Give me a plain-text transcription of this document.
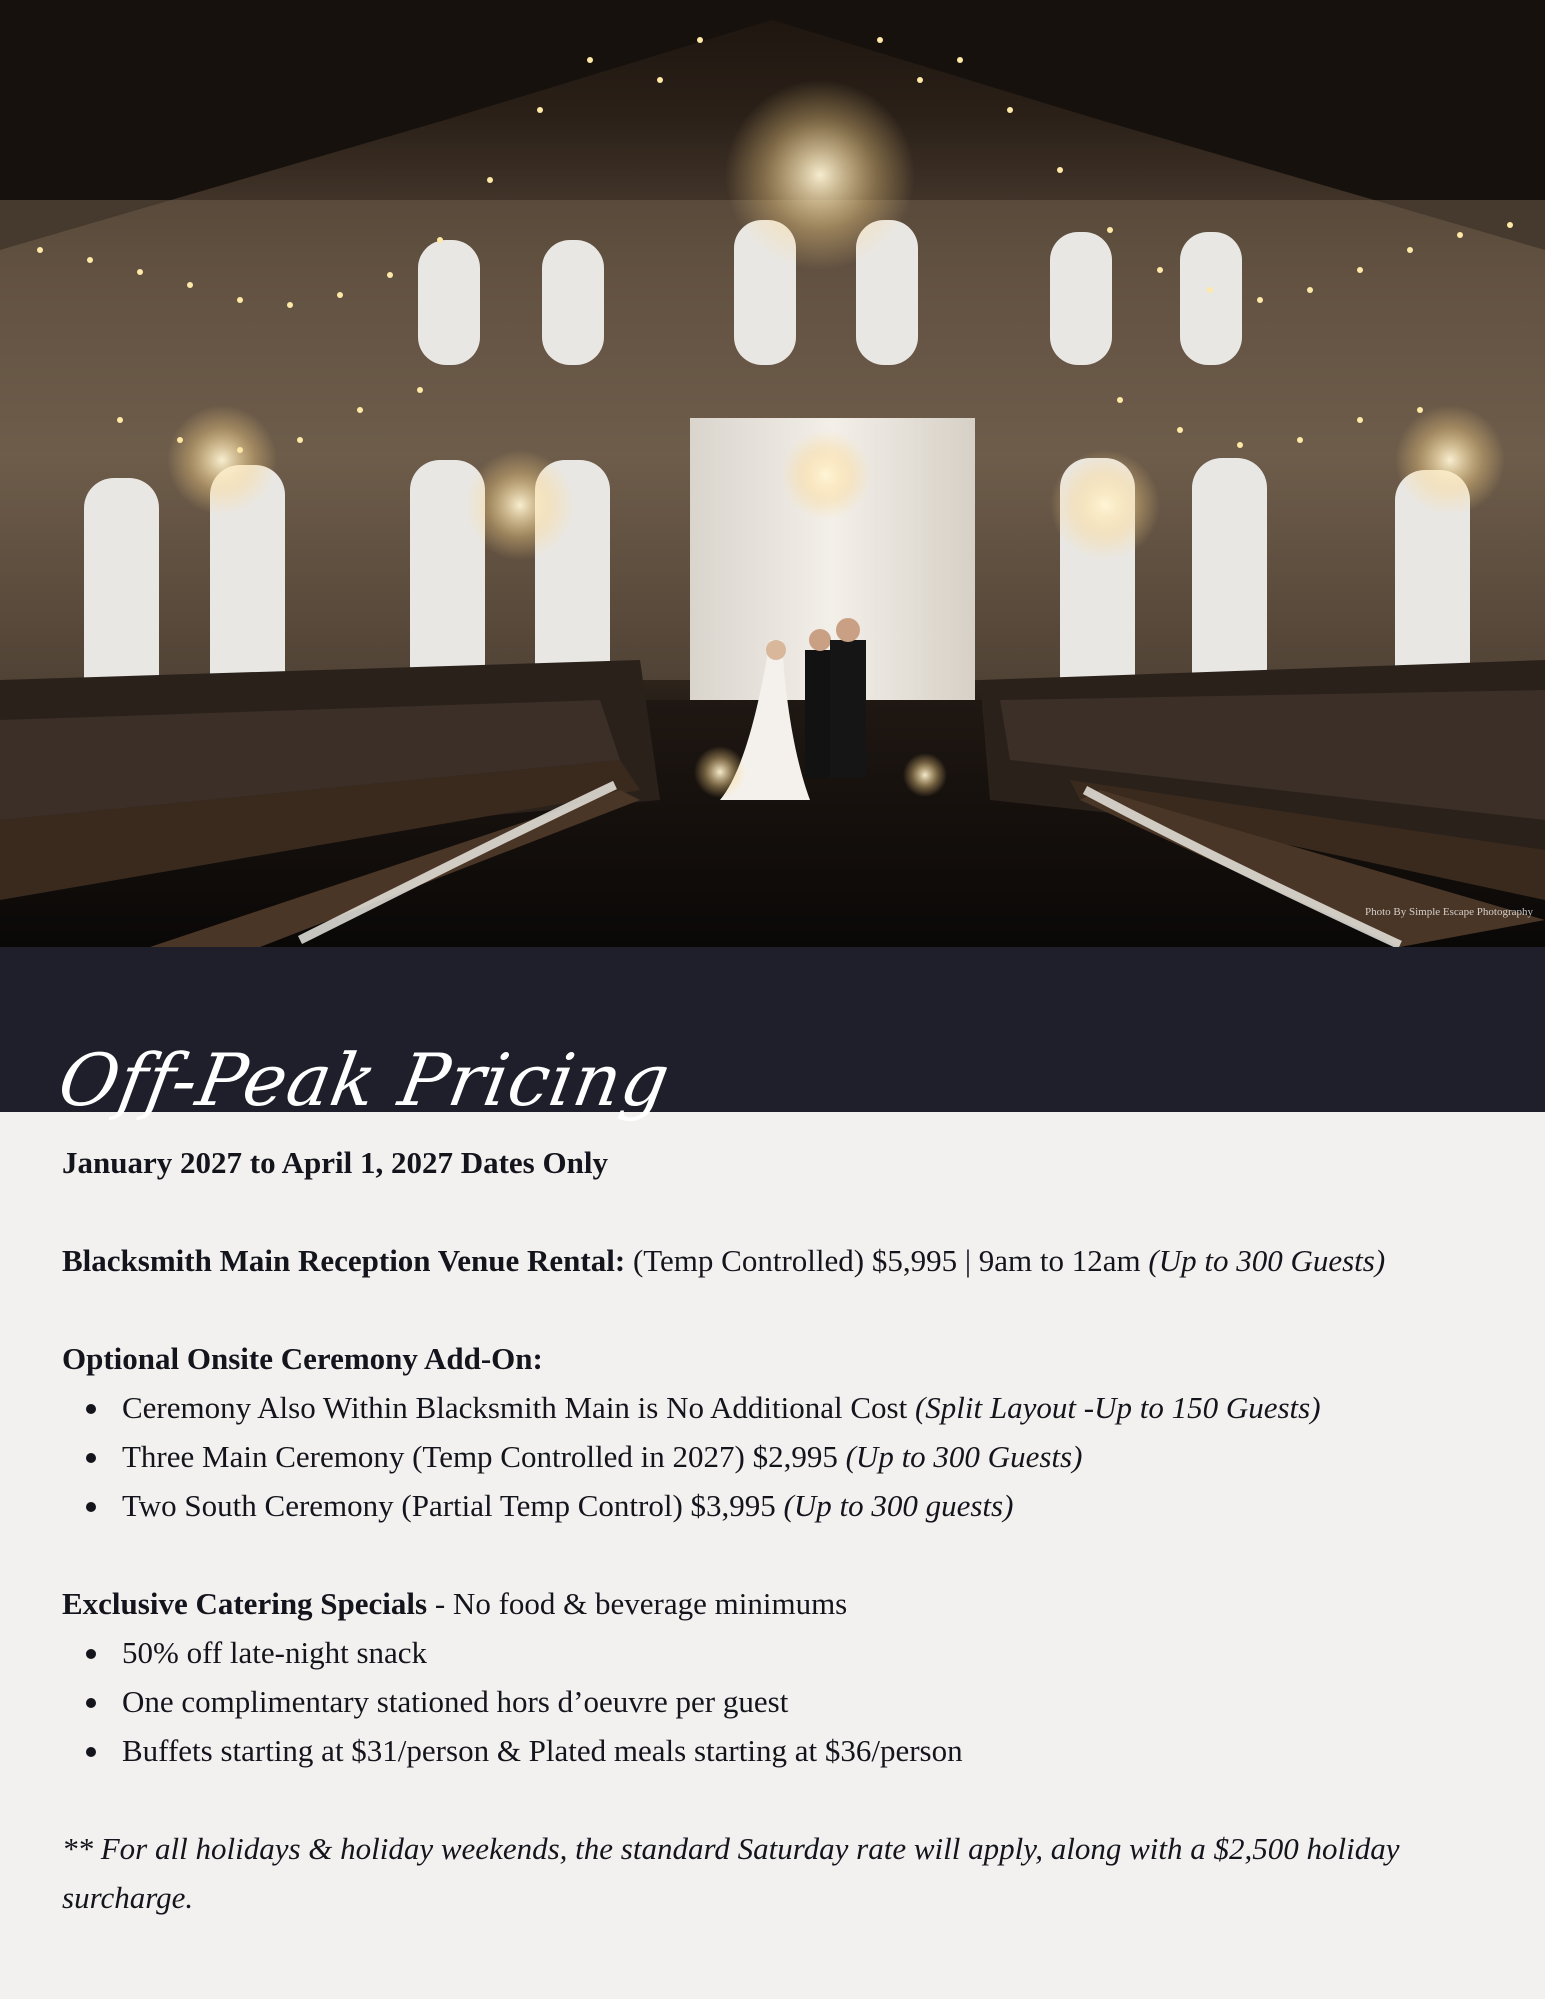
Photo By Simple Escape Photography
Off-Peak Pricing

January 2027 to April 1, 2027 Dates Only

Blacksmith Main Reception Venue Rental: (Temp Controlled) $5,995 | 9am to 12am (Up to 300 Guests)

Optional Onsite Ceremony Add-On:

Ceremony Also Within Blacksmith Main is No Additional Cost (Split Layout -Up to 150 Guests)
Three Main Ceremony (Temp Controlled in 2027) $2,995 (Up to 300 Guests)
Two South Ceremony (Partial Temp Control) $3,995 (Up to 300 guests)

Exclusive Catering Specials - No food & beverage minimums

50% off late-night snack
One complimentary stationed hors d’oeuvre per guest
Buffets starting at $31/person & Plated meals starting at $36/person

** For all holidays & holiday weekends, the standard Saturday rate will apply, along with a $2,500 holiday surcharge.
